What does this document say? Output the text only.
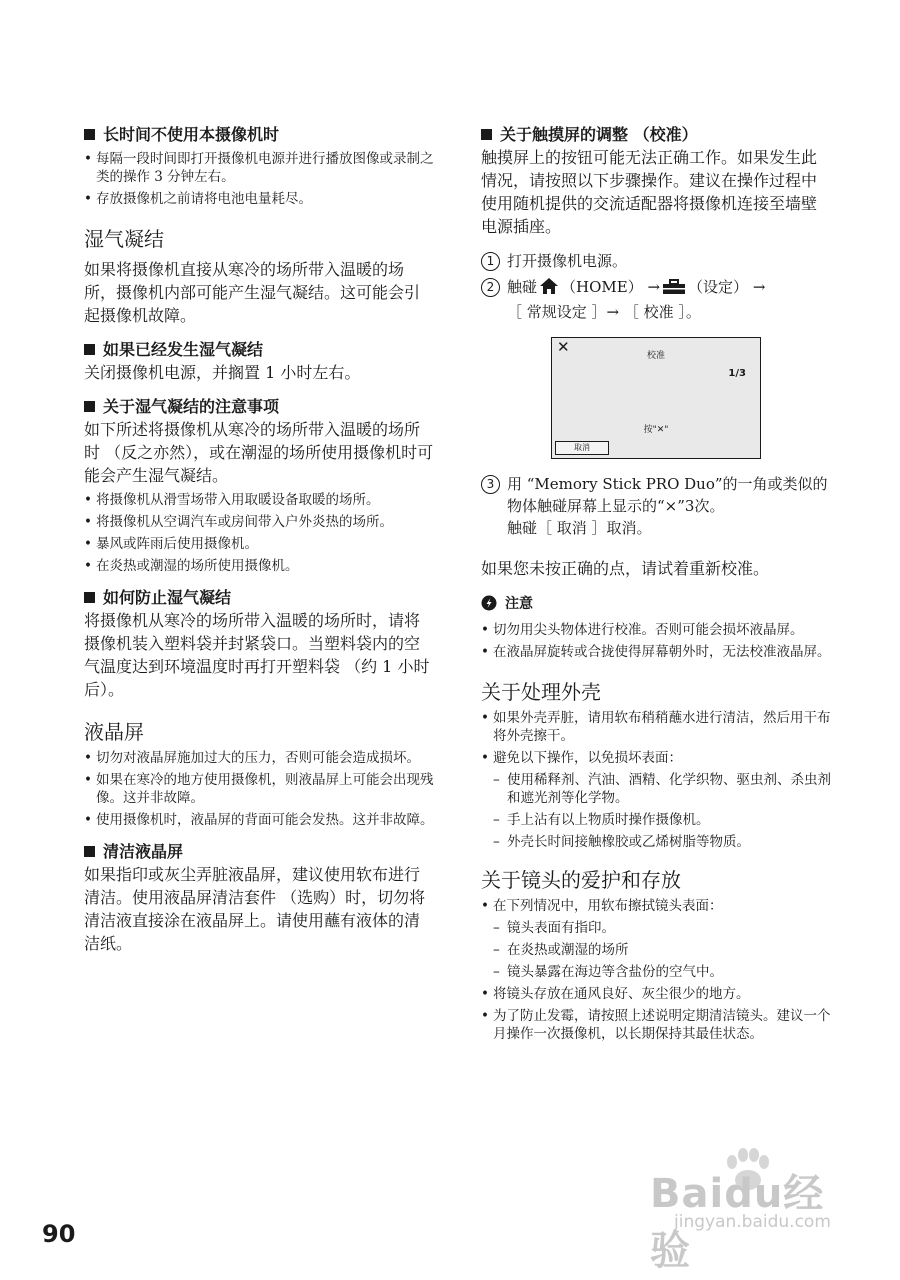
长时间不使用本摄像机时

• 每隔一段时间即打开摄像机电源并进行播放图像或录制之类的操作 3 分钟左右。
• 存放摄像机之前请将电池电量耗尽。
湿气凝结

如果将摄像机直接从寒冷的场所带入温暖的场所，摄像机内部可能产生湿气凝结。这可能会引起摄像机故障。

如果已经发生湿气凝结

关闭摄像机电源，并搁置 1 小时左右。

关于湿气凝结的注意事项

如下所述将摄像机从寒冷的场所带入温暖的场所时 （反之亦然），或在潮湿的场所使用摄像机时可能会产生湿气凝结。

• 将摄像机从滑雪场带入用取暖设备取暖的场所。
• 将摄像机从空调汽车或房间带入户外炎热的场所。
• 暴风或阵雨后使用摄像机。
• 在炎热或潮湿的场所使用摄像机。

如何防止湿气凝结

将摄像机从寒冷的场所带入温暖的场所时，请将摄像机装入塑料袋并封紧袋口。当塑料袋内的空气温度达到环境温度时再打开塑料袋 （约 1 小时后）。

液晶屏
• 切勿对液晶屏施加过大的压力，否则可能会造成损坏。
• 如果在寒冷的地方使用摄像机，则液晶屏上可能会出现残像。这并非故障。
• 使用摄像机时，液晶屏的背面可能会发热。这并非故障。

清洁液晶屏

如果指印或灰尘弄脏液晶屏，建议使用软布进行清洁。使用液晶屏清洁套件 （选购）时，切勿将清洁液直接涂在液晶屏上。请使用蘸有液体的清洁纸。

关于触摸屏的调整 （校准）

触摸屏上的按钮可能无法正确工作。如果发生此情况，请按照以下步骤操作。建议在操作过程中使用随机提供的交流适配器将摄像机连接至墙壁电源插座。

1 打开摄像机电源。
2 触碰 （HOME） → （设定） →
［ 常规设定 ］→ ［ 校准 ］。
✕	校准
1/3
按"✕"
取消
3 用 “Memory Stick PRO Duo”的一角或类似的物体触碰屏幕上显示的“×”3次。
触碰［ 取消 ］取消。

如果您未按正确的点，请试着重新校准。

注意

• 切勿用尖头物体进行校准。否则可能会损坏液晶屏。
• 在液晶屏旋转或合拢使得屏幕朝外时，无法校准液晶屏。
关于处理外壳
• 如果外壳弄脏，请用软布稍稍蘸水进行清洁，然后用干布将外壳擦干。
• 避免以下操作，以免损坏表面：
– 使用稀释剂、汽油、酒精、化学织物、驱虫剂、杀虫剂和遮光剂等化学物。
– 手上沾有以上物质时操作摄像机。
– 外壳长时间接触橡胶或乙烯树脂等物质。
关于镜头的爱护和存放
• 在下列情况中，用软布擦拭镜头表面：
– 镜头表面有指印。
– 在炎热或潮湿的场所
– 镜头暴露在海边等含盐份的空气中。
• 将镜头存放在通风良好、灰尘很少的地方。
• 为了防止发霉，请按照上述说明定期清洁镜头。建议一个月操作一次摄像机，以长期保持其最佳状态。
90
Baidu经验
jingyan.baidu.com
